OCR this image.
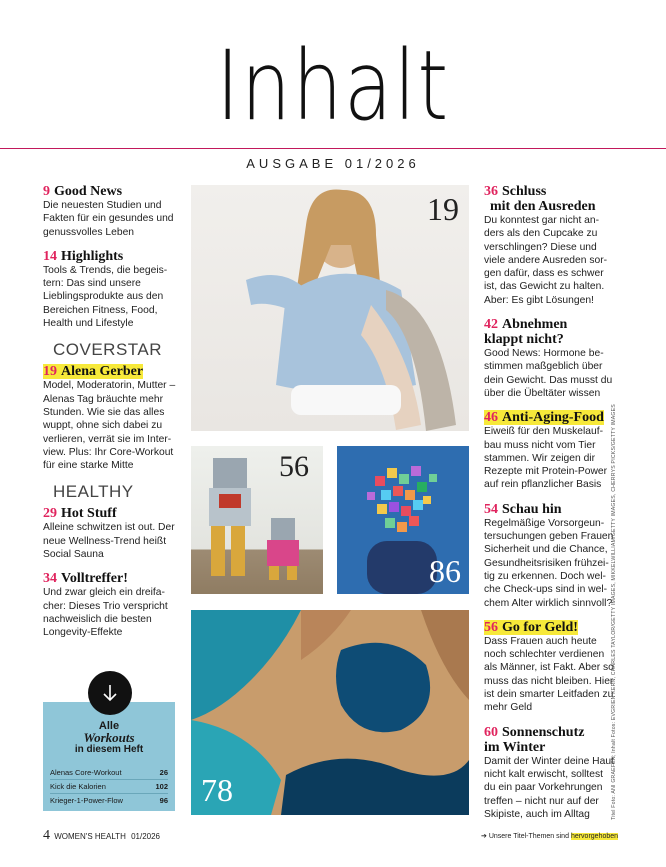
Inhalt
AUSGABE 01/2026
9 Good News
Die neuesten Studien und Fakten für ein gesundes und genussvolles Leben
14 Highlights
Tools & Trends, die begeistern: Das sind unsere Lieblingsprodukte aus den Bereichen Fitness, Food, Health und Lifestyle
COVERSTAR
19 Alena Gerber
Model, Moderatorin, Mutter – Alenas Tag bräuchte mehr Stunden. Wie sie das alles wuppt, ohne sich dabei zu verlieren, verrät sie im Interview. Plus: Ihr Core-Workout für eine starke Mitte
HEALTHY
29 Hot Stuff
Alleine schwitzen ist out. Der neue Wellness-Trend heißt Social Sauna
34 Volltreffer!
Und zwar gleich ein dreifacher: Dieses Trio verspricht nachweislich die besten Longevity-Effekte
Alle
Workouts
in diesem Heft
Alenas Core-Workout	26
Kick die Kalorien	102
Krieger-1-Power-Flow	96
19
56
86
78
36 Schluss
mit den Ausreden
Du konntest gar nicht anders als den Cupcake zu verschlingen? Diese und viele andere Ausreden sorgen dafür, dass es schwer ist, das Gewicht zu halten. Aber: Es gibt Lösungen!
42 Abnehmen
klappt nicht?
Good News: Hormone bestimmen maßgeblich über dein Gewicht. Das musst du über die Übeltäter wissen
46 Anti-Aging-Food
Eiweiß für den Muskelaufbau muss nicht vom Tier stammen. Wir zeigen dir Rezepte mit Protein-Power auf rein pflanzlicher Basis
54 Schau hin
Regelmäßige Vorsorgeuntersuchungen geben Frauen Sicherheit und die Chance, Gesundheitsrisiken frühzeitig zu erkennen. Doch welche Check-ups sind in welchem Alter wirklich sinnvoll?
56 Go for Geld!
Dass Frauen auch heute noch schlechter verdienen als Männer, ist Fakt. Aber so muss das nicht bleiben. Hier ist dein smarter Leitfaden zu mehr Geld
60 Sonnenschutz
im Winter
Damit der Winter deine Haut nicht kalt erwischt, solltest du ein paar Vorkehrungen treffen – nicht nur auf der Skipiste, auch im Alltag	Titel Foto: ANI GRAEFEN; Inhalt Fotos: EVGRIEN KERN, CHARLES TAYLOR/GETTY IMAGES, MIKKELWILLIAM/GETTY IMAGES, CHERRYS PICKS/GETTY IMAGES
4 WOMEN'S HEALTH 01/2026	➔ Unsere Titel-Themen sind hervorgehoben
